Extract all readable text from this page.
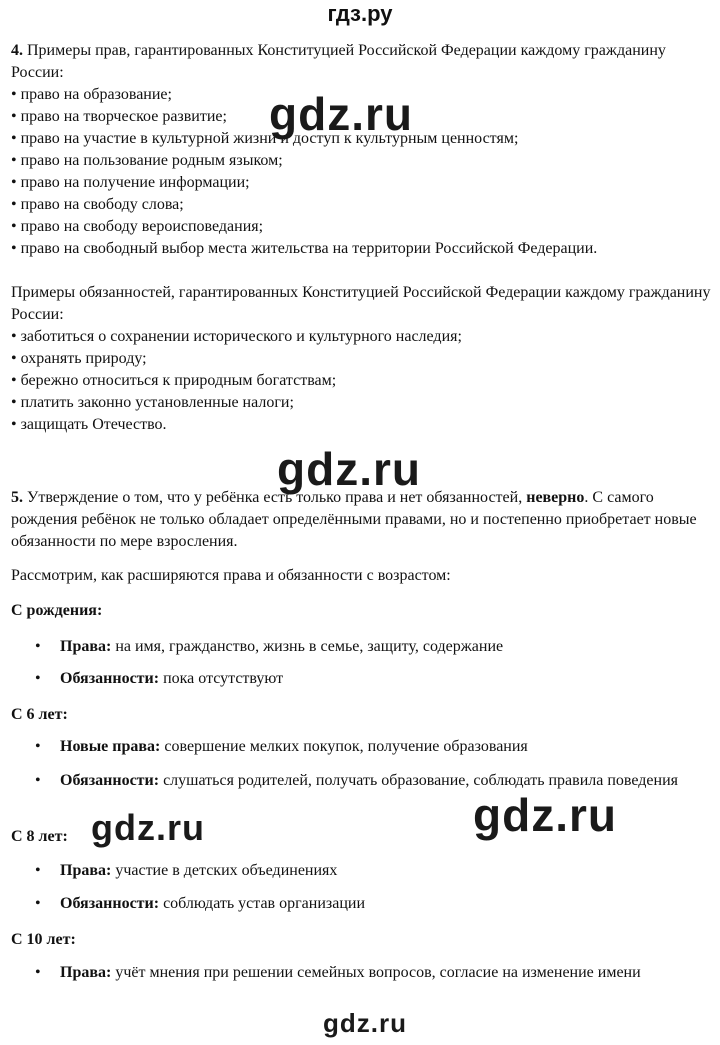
гдз.ру

4. Примеры прав, гарантированных Конституцией Российской Федерации каждому гражданину России:

• право на образование;

• право на творческое развитие;

• право на участие в культурной жизни и доступ к культурным ценностям;

• право на пользование родным языком;

• право на получение информации;

• право на свободу слова;

• право на свободу вероисповедания;

• право на свободный выбор места жительства на территории Российской Федерации.

Примеры обязанностей, гарантированных Конституцией Российской Федерации каждому гражданину России:

• заботиться о сохранении исторического и культурного наследия;

• охранять природу;

• бережно относиться к природным богатствам;

• платить законно установленные налоги;

• защищать Отечество.

5. Утверждение о том, что у ребёнка есть только права и нет обязанностей, неверно. С самого рождения ребёнок не только обладает определёнными правами, но и постепенно приобретает новые обязанности по мере взросления.

Рассмотрим, как расширяются права и обязанности с возрастом:

С рождения:
• Права: на имя, гражданство, жизнь в семье, защиту, содержание
• Обязанности: пока отсутствуют
С 6 лет:
• Новые права: совершение мелких покупок, получение образования
• Обязанности: слушаться родителей, получать образование, соблюдать правила поведения
С 8 лет:
• Права: участие в детских объединениях
• Обязанности: соблюдать устав организации
С 10 лет:
• Права: учёт мнения при решении семейных вопросов, согласие на изменение имени
gdz.ru
gdz.ru
gdz.ru
gdz.ru
gdz.ru
